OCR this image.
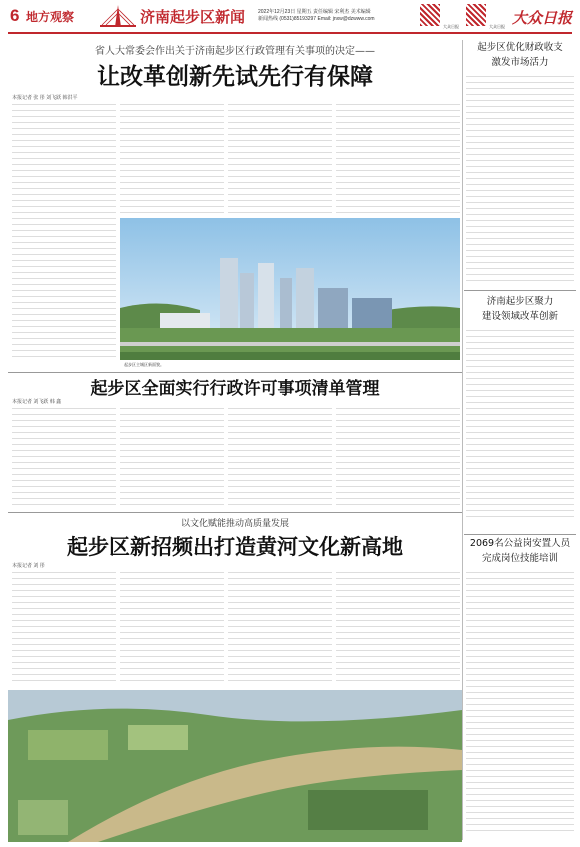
6 地方观察	济南起步区新闻	2022年12月23日 星期五 责任编辑 宋利杰 美术编辑
新闻热线 (0531)85193297 Email: jnxw@dzwww.com
大众日报	大众日报 大众日报
省人大常委会作出关于济南起步区行政管理有关事项的决定——
让改革创新先试先行有保障
本报记者 张 彤 刘飞跃 韩洪平
起步区主城区新面貌。
起步区全面实行行政许可事项清单管理
本报记者 刘飞跃 韩 鑫
以文化赋能推动高质量发展
起步区新招频出打造黄河文化新高地
本报记者 刘 彤
起步区优化财政收支
激发市场活力
济南起步区聚力
建设领域改革创新
2069名公益岗安置人员
完成岗位技能培训
